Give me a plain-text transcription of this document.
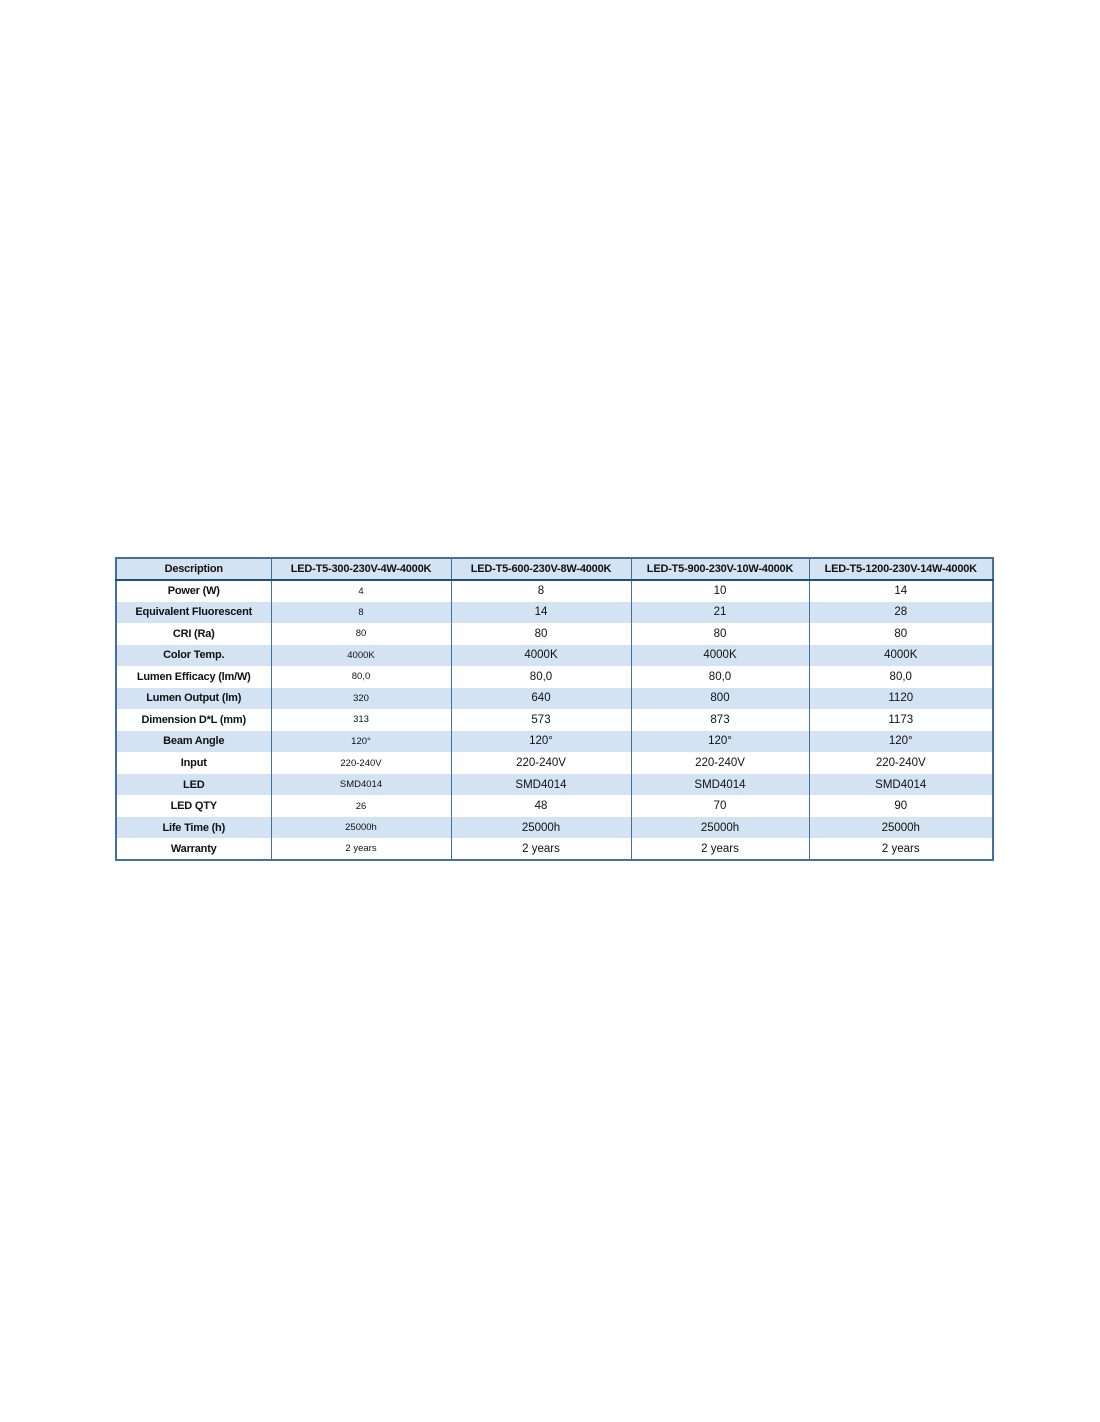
Description	LED-T5-300-230V-4W-4000K	LED-T5-600-230V-8W-4000K	LED-T5-900-230V-10W-4000K	LED-T5-1200-230V-14W-4000K
Power (W)	4	8	10	14
Equivalent Fluorescent	8	14	21	28
CRI (Ra)	80	80	80	80
Color Temp.	4000K	4000K	4000K	4000K
Lumen Efficacy (lm/W)	80,0	80,0	80,0	80,0
Lumen Output (lm)	320	640	800	1120
Dimension D*L (mm)	313	573	873	1173
Beam Angle	120°	120°	120°	120°
Input	220-240V	220-240V	220-240V	220-240V
LED	SMD4014	SMD4014	SMD4014	SMD4014
LED QTY	26	48	70	90
Life Time (h)	25000h	25000h	25000h	25000h
Warranty	2 years	2 years	2 years	2 years
